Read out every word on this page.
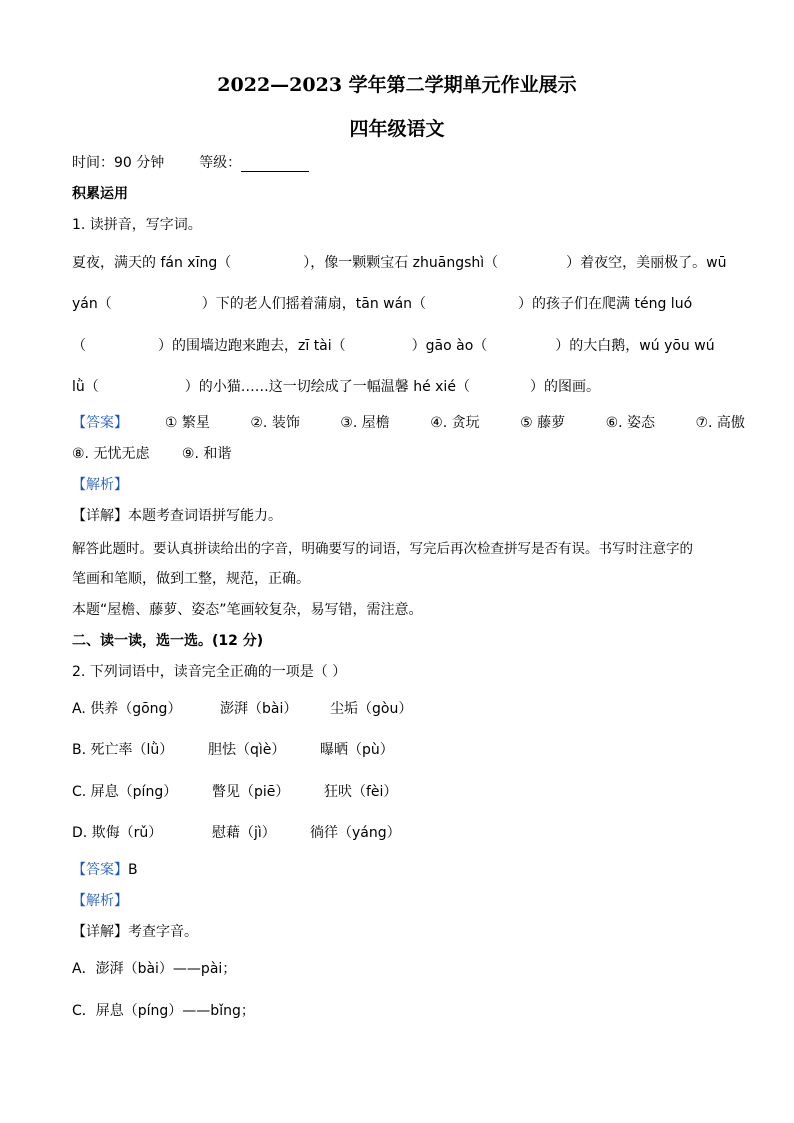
2022—2023 学年第二学期单元作业展示
四年级语文
时间：90 分钟 等级：
积累运用
1. 读拼音，写字词。
夏夜，满天的 fán xīng（	），像一颗颗宝石 zhuāngshì（	）着夜空，美丽极了。wū
yán（	）下的老人们摇着蒲扇，tān wán（	）的孩子们在爬满 téng luó
（	）的围墙边跑来跑去，zī tài（	）gāo ào（	）的大白鹅，wú yōu wú
lǜ（	）的小猫……这一切绘成了一幅温馨 hé xié（	）的图画。
【答案】	① 繁星	②. 装饰	③. 屋檐	④. 贪玩	⑤ 藤萝	⑥. 姿态	⑦. 高傲
⑧. 无忧无虑 ⑨. 和谐
【解析】
【详解】本题考查词语拼写能力。
解答此题时。要认真拼读给出的字音，明确要写的词语，写完后再次检查拼写是否有误。书写时注意字的
笔画和笔顺，做到工整，规范，正确。
本题“屋檐、藤萝、姿态”笔画较复杂，易写错，需注意。
二、读一读，选一选。(12 分)
2. 下列词语中，读音完全正确的一项是（ ）
A. 供养（gōng）	澎湃（bài） 尘垢（gòu）
B. 死亡率（lǜ） 胆怯（qìè） 曝晒（pù）
C. 屏息（píng） 瞥见（piē） 狂吠（fèi）
D. 欺侮（rǔ）	慰藉（jì） 徜徉（yáng）
【答案】B
【解析】
【详解】考查字音。
A．澎湃（bài）——pài；
C．屏息（píng）——bǐng；
